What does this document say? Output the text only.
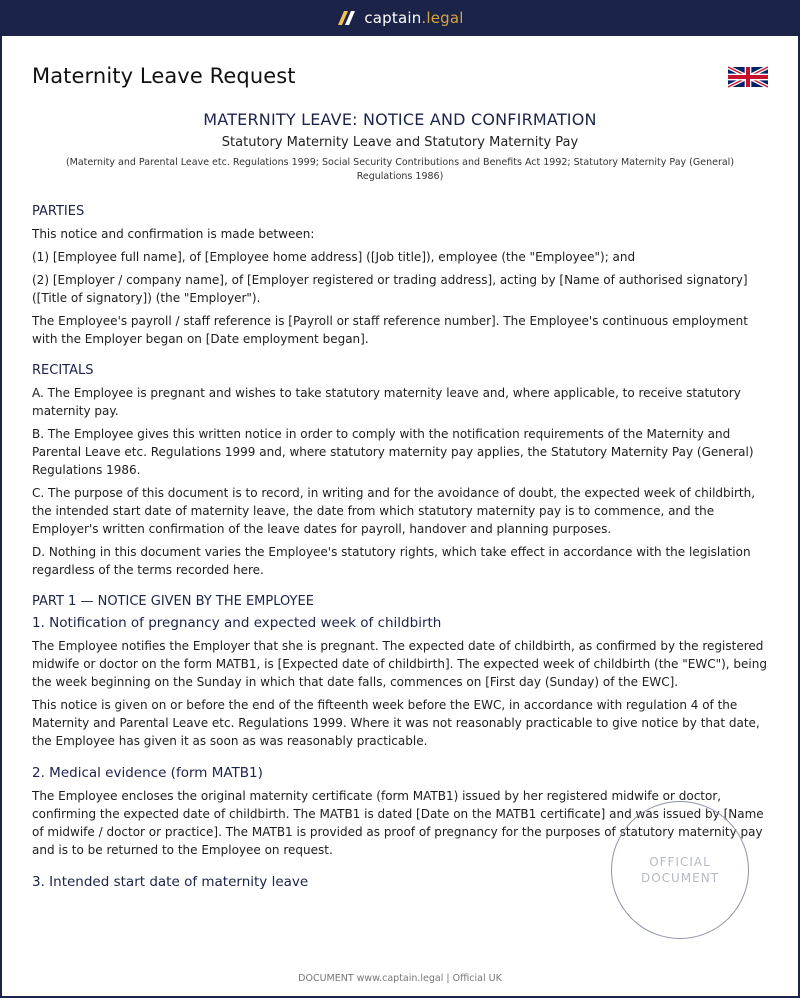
captain.legal
Maternity Leave Request
MATERNITY LEAVE: NOTICE AND CONFIRMATION
Statutory Maternity Leave and Statutory Maternity Pay
(Maternity and Parental Leave etc. Regulations 1999; Social Security Contributions and Benefits Act 1992; Statutory Maternity Pay (General) Regulations 1986)
PARTIES

This notice and confirmation is made between:

(1) [Employee full name], of [Employee home address] ([Job title]), employee (the "Employee"); and

(2) [Employer / company name], of [Employer registered or trading address], acting by [Name of authorised signatory] ([Title of signatory]) (the "Employer").

The Employee's payroll / staff reference is [Payroll or staff reference number]. The Employee's continuous employment with the Employer began on [Date employment began].

RECITALS

A. The Employee is pregnant and wishes to take statutory maternity leave and, where applicable, to receive statutory maternity pay.

B. The Employee gives this written notice in order to comply with the notification requirements of the Maternity and Parental Leave etc. Regulations 1999 and, where statutory maternity pay applies, the Statutory Maternity Pay (General) Regulations 1986.

C. The purpose of this document is to record, in writing and for the avoidance of doubt, the expected week of childbirth, the intended start date of maternity leave, the date from which statutory maternity pay is to commence, and the Employer's written confirmation of the leave dates for payroll, handover and planning purposes.

D. Nothing in this document varies the Employee's statutory rights, which take effect in accordance with the legislation regardless of the terms recorded here.

PART 1 — NOTICE GIVEN BY THE EMPLOYEE
1. Notification of pregnancy and expected week of childbirth

The Employee notifies the Employer that she is pregnant. The expected date of childbirth, as confirmed by the registered midwife or doctor on the form MATB1, is [Expected date of childbirth]. The expected week of childbirth (the "EWC"), being the week beginning on the Sunday in which that date falls, commences on [First day (Sunday) of the EWC].

This notice is given on or before the end of the fifteenth week before the EWC, in accordance with regulation 4 of the Maternity and Parental Leave etc. Regulations 1999. Where it was not reasonably practicable to give notice by that date, the Employee has given it as soon as was reasonably practicable.

2. Medical evidence (form MATB1)

The Employee encloses the original maternity certificate (form MATB1) issued by her registered midwife or doctor, confirming the expected date of childbirth. The MATB1 is dated [Date on the MATB1 certificate] and was issued by [Name of midwife / doctor or practice]. The MATB1 is provided as proof of pregnancy for the purposes of statutory maternity pay and is to be returned to the Employee on request.

3. Intended start date of maternity leave
OFFICIAL DOCUMENT
DOCUMENT www.captain.legal | Official UK
